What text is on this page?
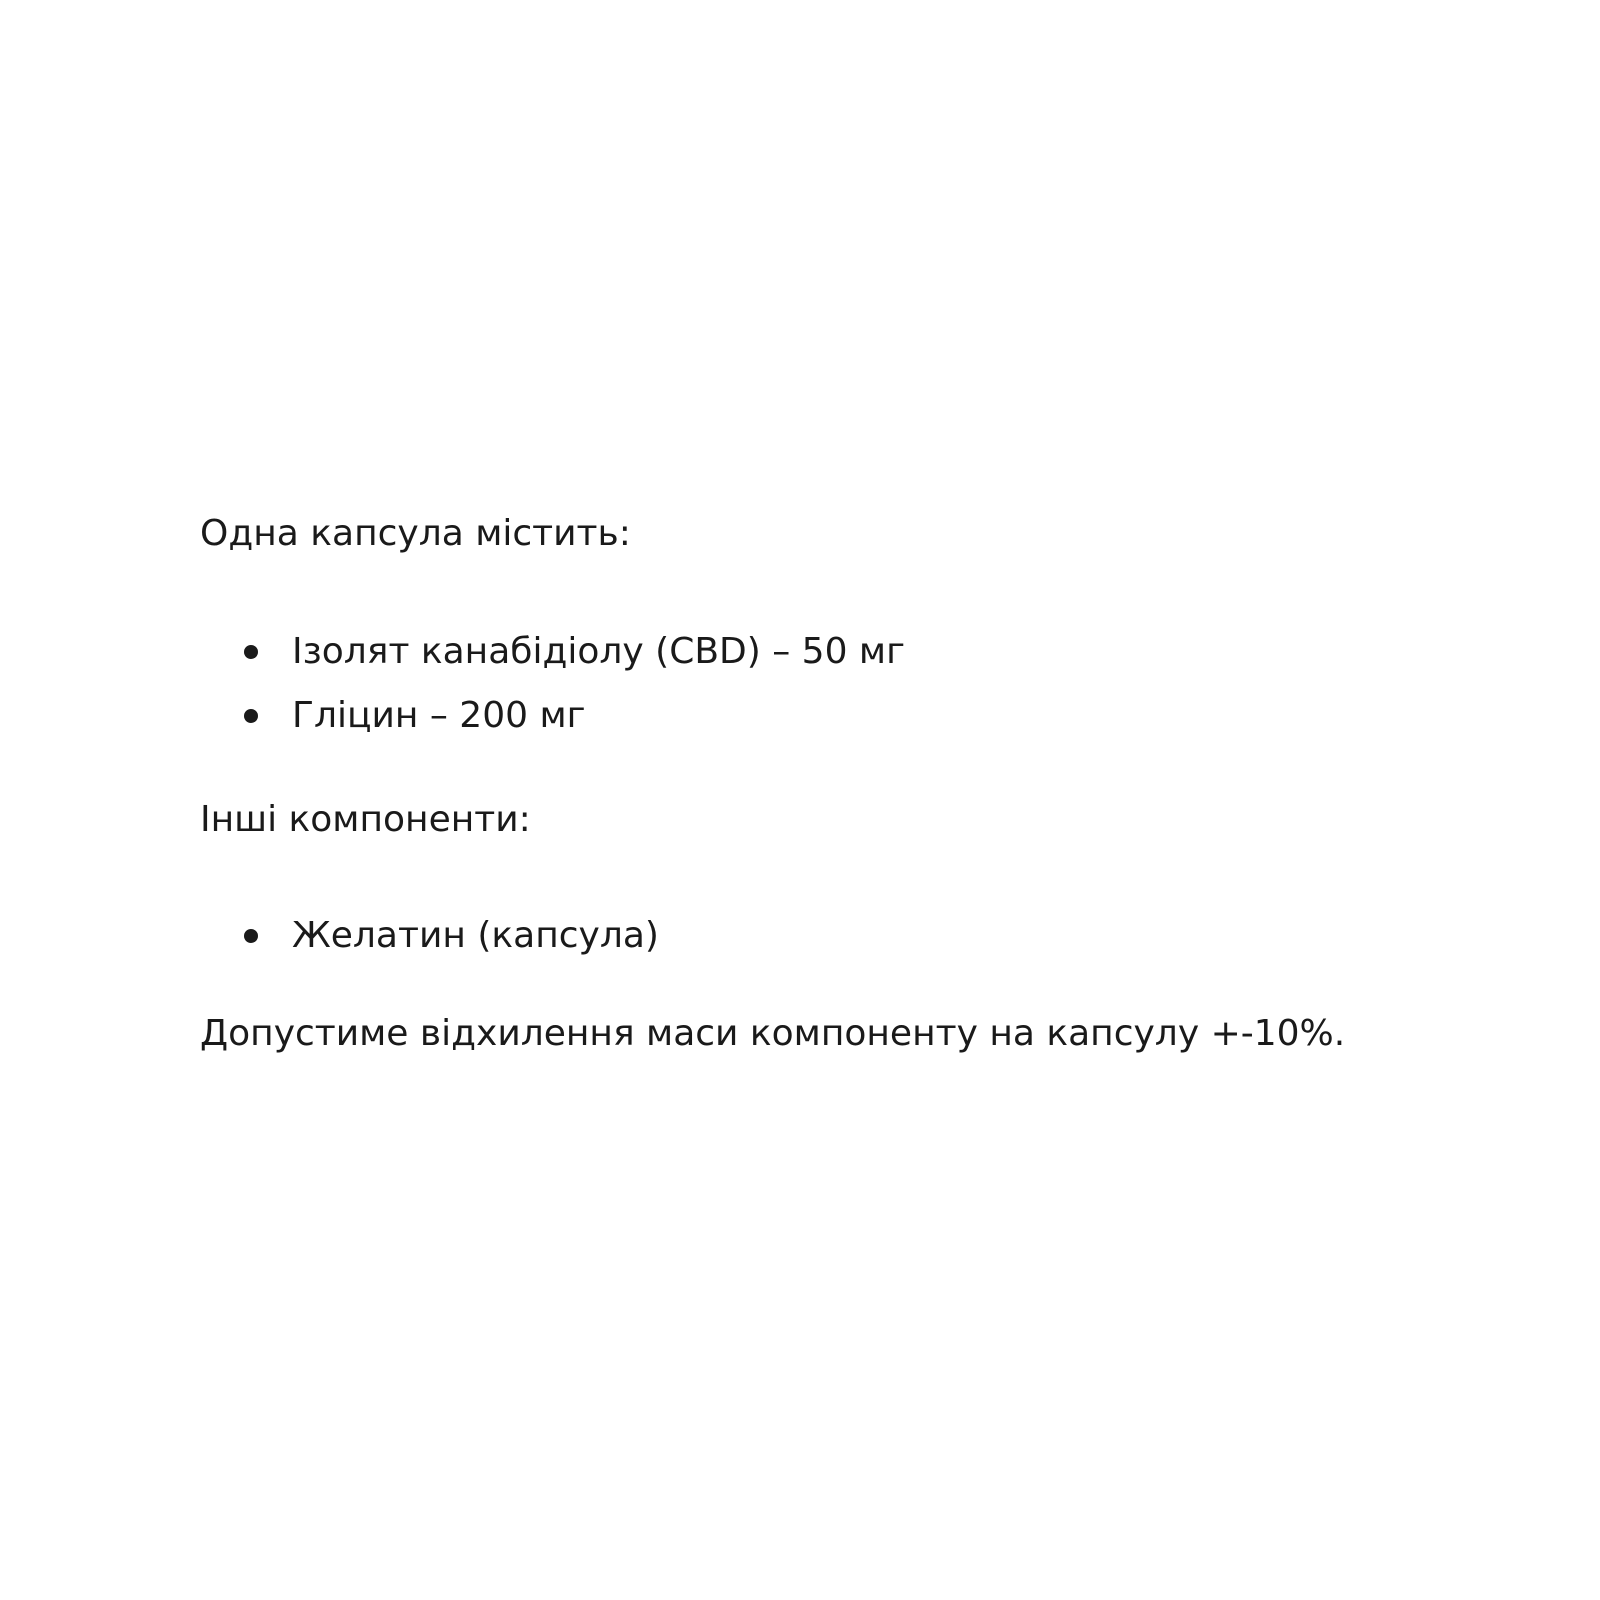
Одна капсула містить:

Ізолят канабідіолу (CBD) – 50 мг
Гліцин – 200 мг

Інші компоненти:

Желатин (капсула)

Допустиме відхилення маси компоненту на капсулу +-10%.
